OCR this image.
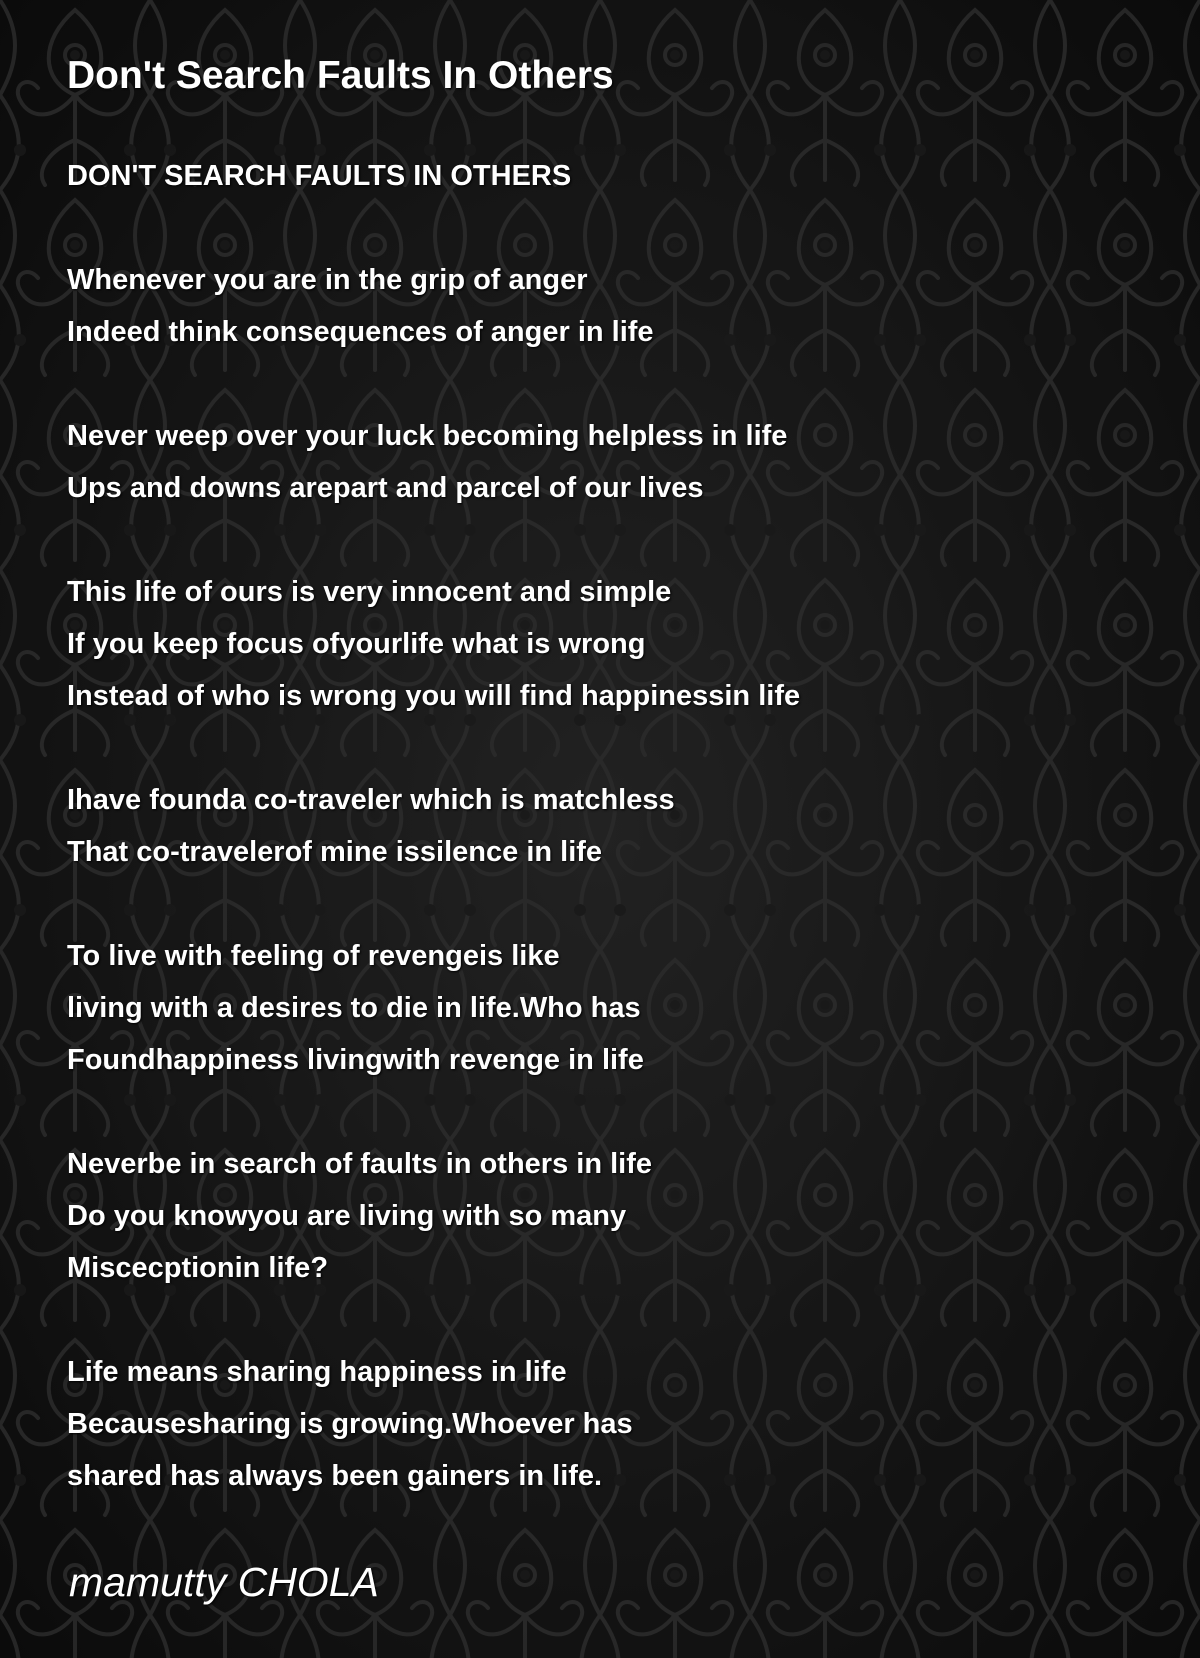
Don't Search Faults In Others
DON'T SEARCH FAULTS IN OTHERS
Whenever you are in the grip of anger
Indeed think consequences of anger in life
Never weep over your luck becoming helpless in life
Ups and downs arepart and parcel of our lives
This life of ours is very innocent and simple
If you keep focus ofyourlife what is wrong
Instead of who is wrong you will find happinessin life
Ihave founda co-traveler which is matchless
That co-travelerof mine issilence in life
To live with feeling of revengeis like
living with a desires to die in life.Who has
Foundhappiness livingwith revenge in life
Neverbe in search of faults in others in life
Do you knowyou are living with so many
Miscecptionin life?
Life means sharing happiness in life
Becausesharing is growing.Whoever has
shared has always been gainers in life.
mamutty CHOLA
